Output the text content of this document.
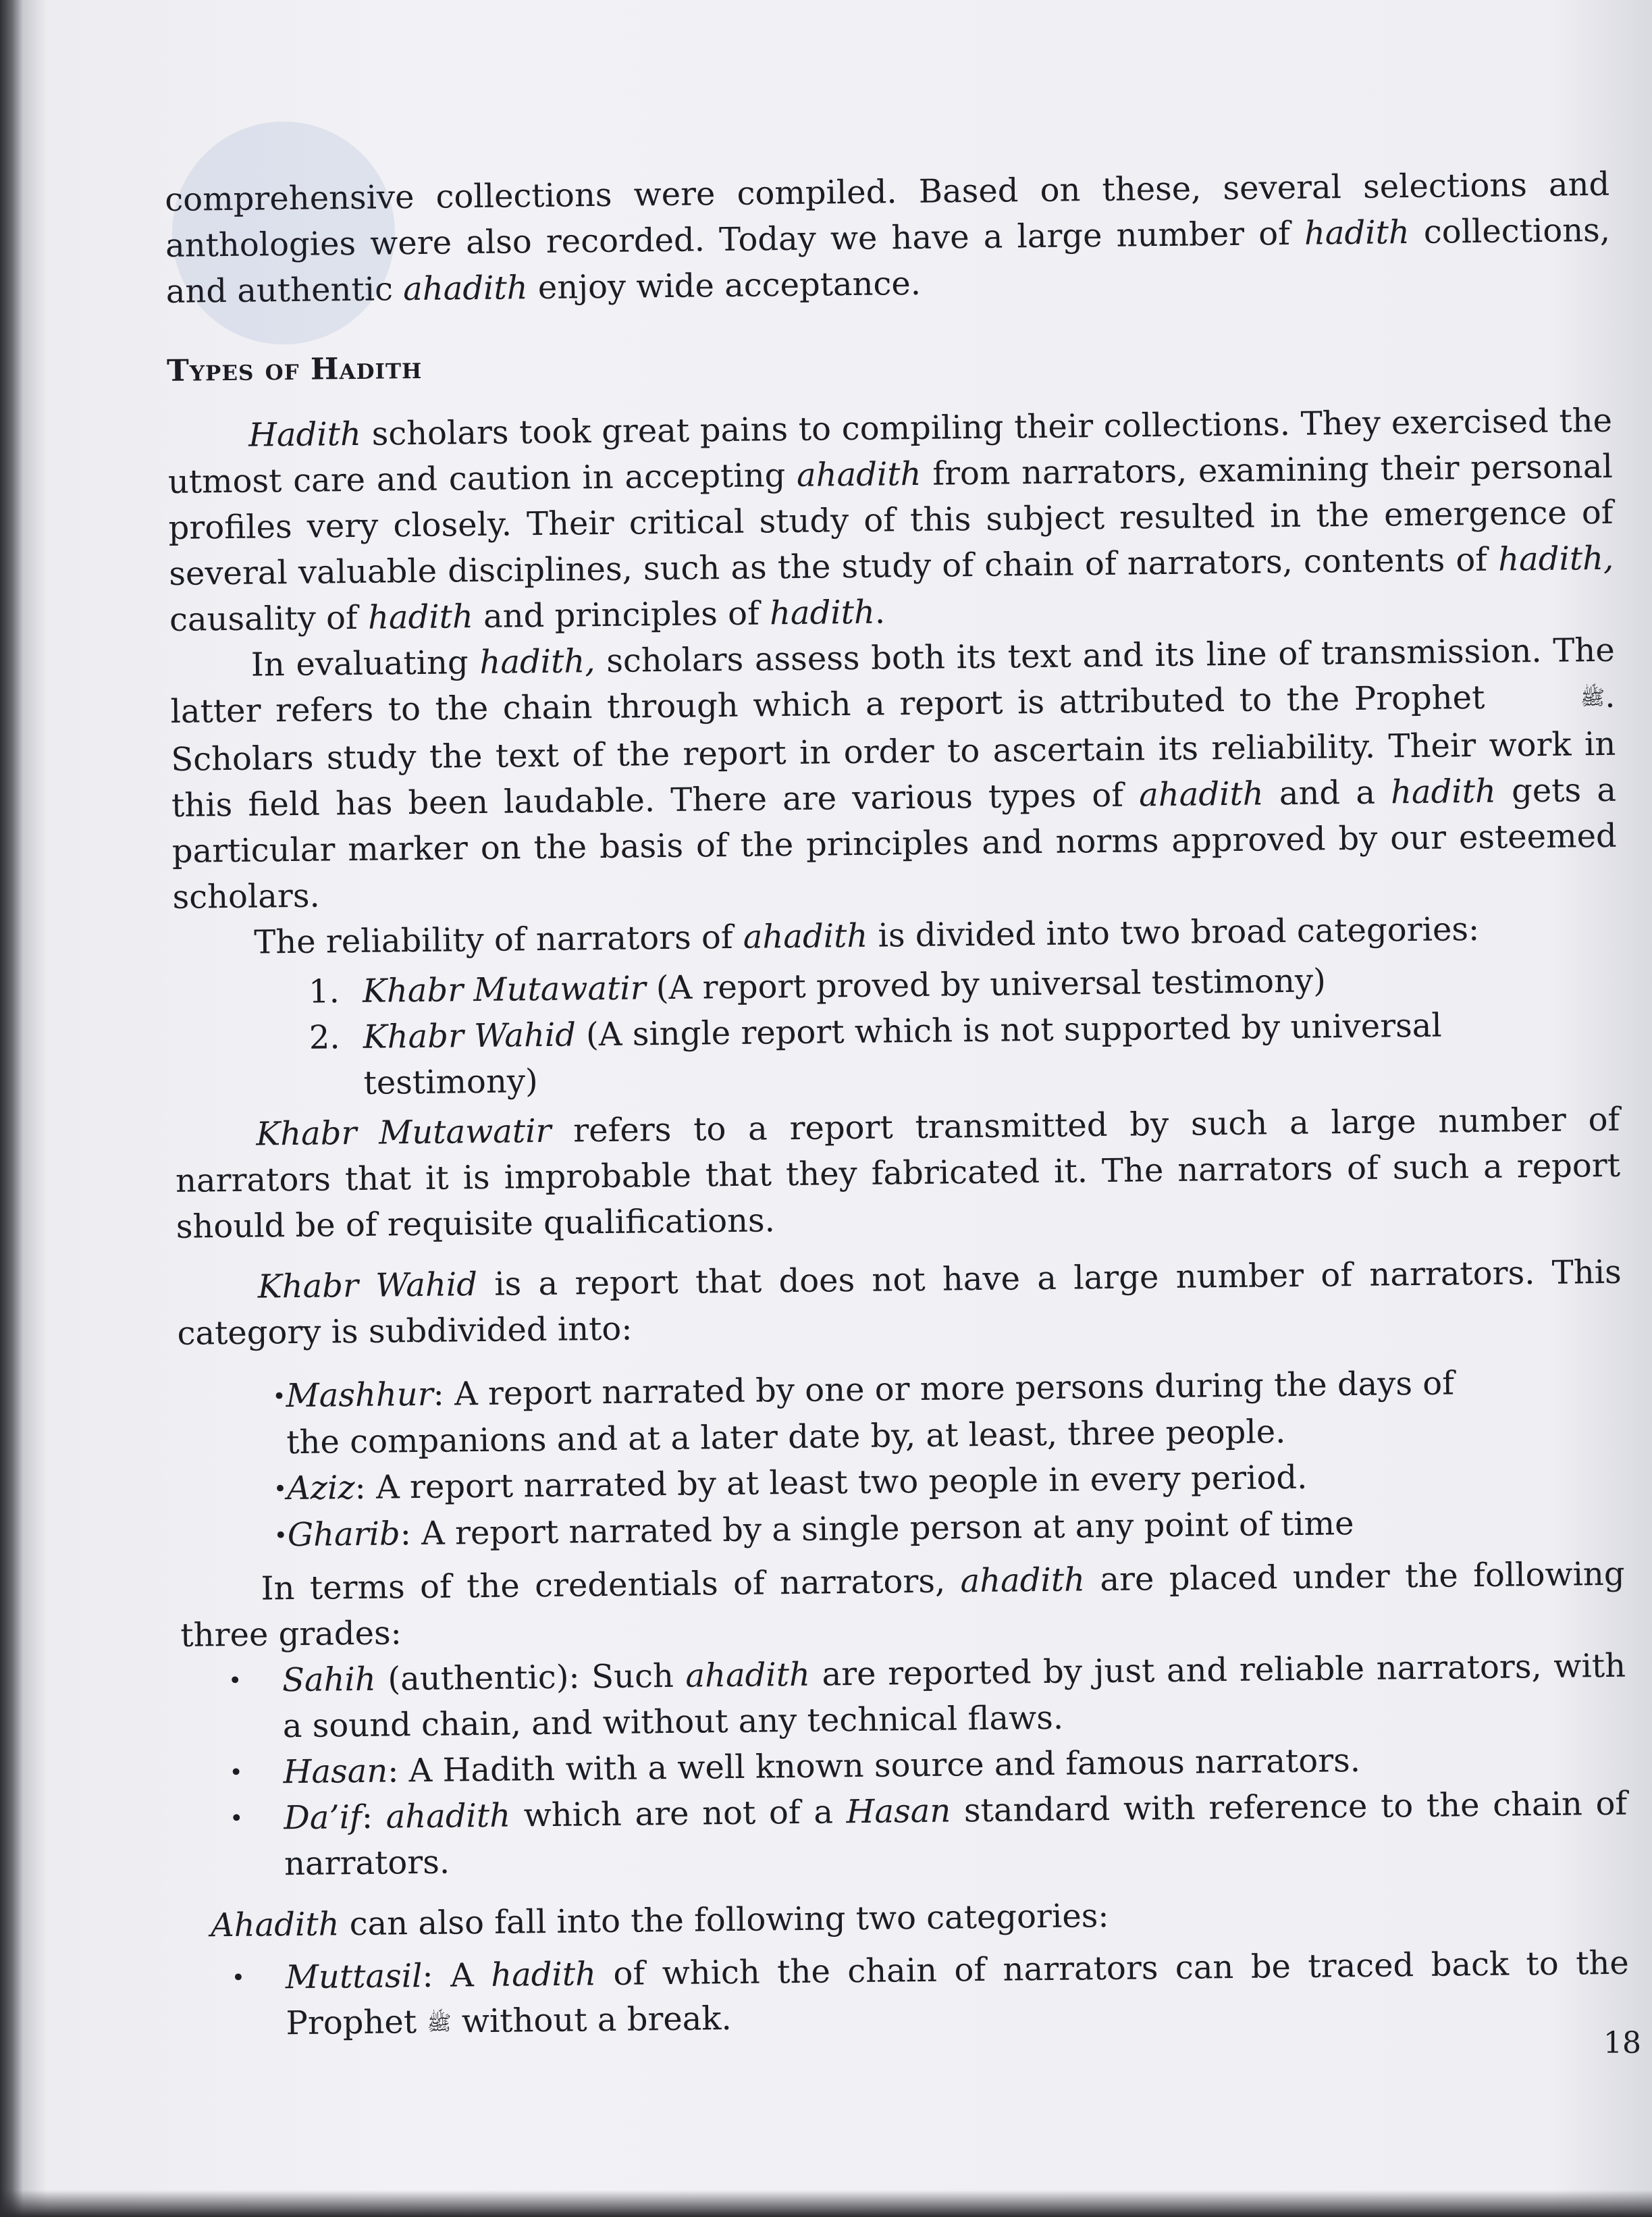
comprehensive collections were compiled. Based on these, several selections and anthologies were also recorded. Today we have a large number of hadith collections, and authentic ahadith enjoy wide acceptance.

Types of Hadith

Hadith scholars took great pains to compiling their collections. They exercised the utmost care and caution in accepting ahadith from narrators, examining their personal profiles very closely. Their critical study of this subject resulted in the emergence of several valuable disciplines, such as the study of chain of narrators, contents of hadith, causality of hadith and principles of hadith.

In evaluating hadith, scholars assess both its text and its line of transmission. The latter refers to the chain through which a report is attributed to the Prophet	ﷺ. Scholars study the text of the report in order to ascertain its reliability. Their work in this field has been laudable. There are various types of ahadith and a hadith gets a particular marker on the basis of the principles and norms approved by our esteemed scholars.

The reliability of narrators of ahadith is divided into two broad categories:

1. Khabr Mutawatir (A report proved by universal testimony)
2. Khabr Wahid (A single report which is not supported by universal testimony)

Khabr Mutawatir refers to a report transmitted by such a large number of narrators that it is improbable that they fabricated it. The narrators of such a report should be of requisite qualifications.

Khabr Wahid is a report that does not have a large number of narrators. This category is subdivided into:

•Mashhur: A report narrated by one or more persons during the days of the companions and at a later date by, at least, three people.
•Aziz: A report narrated by at least two people in every period.
•Gharib: A report narrated by a single person at any point of time

In terms of the credentials of narrators, ahadith are placed under the following three grades:

•	Sahih (authentic): Such ahadith are reported by just and reliable narrators, with a sound chain, and without any technical flaws.
•	Hasan: A Hadith with a well known source and famous narrators.
•	Da’if: ahadith which are not of a Hasan standard with reference to the chain of narrators.

Ahadith can also fall into the following two categories:

•	Muttasil: A hadith of which the chain of narrators can be traced back to the Prophet ﷺ without a break.
18
